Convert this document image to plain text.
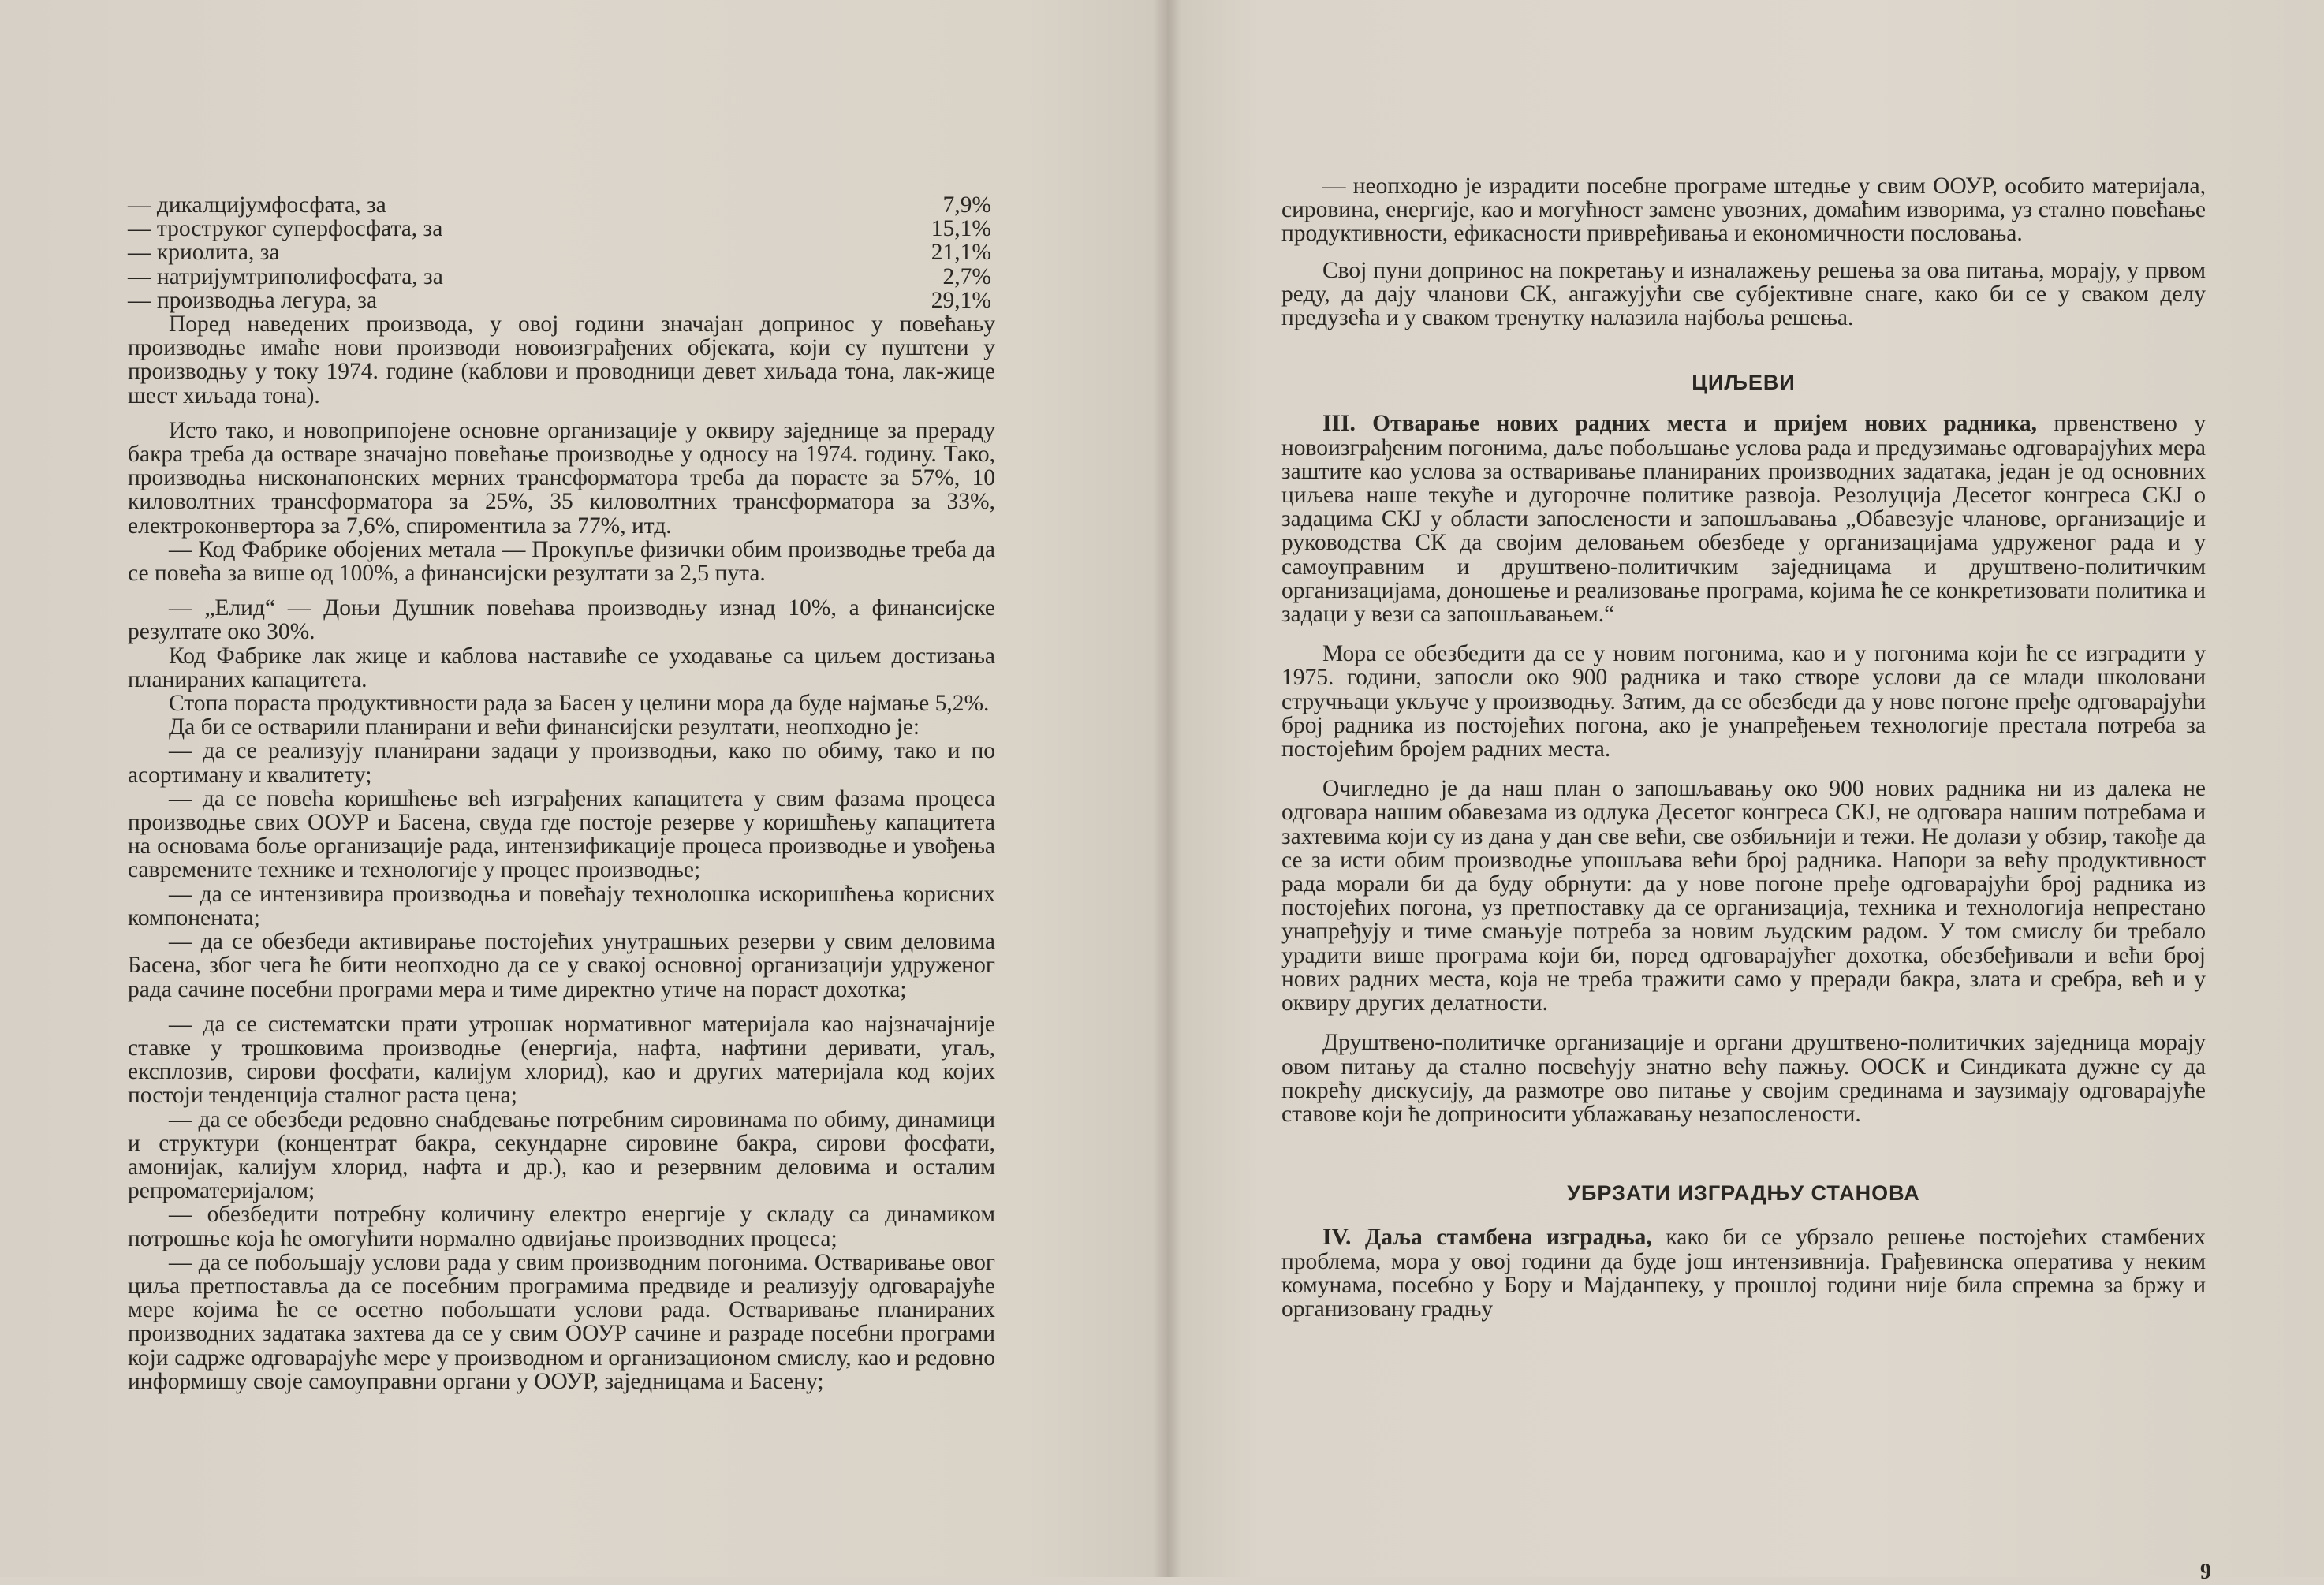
— дикалцијумфосфата, за	7,9%
— троструког суперфосфата, за	15,1%
— криолита, за	21,1%
— натријумтриполифосфата, за	2,7%
— производња легура, за	29,1%

Поред наведених производа, у овој години значајан допринос у повећању производње имаће нови производи новоизграђених објеката, који су пуштени у производњу у току 1974. године (каблови и проводници девет хиљада тона, лак-жице шест хиљада тона).

Исто тако, и новоприпојене основне организације у оквиру заједнице за прераду бакра треба да остваре значајно повећање производње у односу на 1974. годину. Тако, производња нисконапонских мерних трансформатора треба да порасте за 57%, 10 киловолтних трансформатора за 25%, 35 киловолтних трансформатора за 33%, електроконвертора за 7,6%, спироментила за 77%, итд.

— Код Фабрике обојених метала — Прокупље физички обим производње треба да се повећа за више од 100%, а финансијски резултати за 2,5 пута.

— „Елид“ — Доњи Душник повећава производњу изнад 10%, а финансијске резултате око 30%.

Код Фабрике лак жице и каблова наставиће се уходавање са циљем достизања планираних капацитета.

Стопа пораста продуктивности рада за Басен у целини мора да буде најмање 5,2%.

Да би се остварили планирани и већи финансијски резултати, неопходно је:

— да се реализују планирани задаци у производњи, како по обиму, тако и по асортиману и квалитету;

— да се повећа коришћење већ изграђених капацитета у свим фазама процеса производње свих ООУР и Басена, свуда где постоје резерве у коришћењу капацитета на основама боље организације рада, интензификације процеса производње и увођења савремените технике и технологије у процес производње;

— да се интензивира производња и повећају технолошка искоришћења корисних компонената;

— да се обезбеди активирање постојећих унутрашњих резерви у свим деловима Басена, због чега ће бити неопходно да се у свакој основној организацији удруженог рада сачине посебни програми мера и тиме директно утиче на пораст дохотка;

— да се систематски прати утрошак нормативног материјала као најзначајније ставке у трошковима производње (енергија, нафта, нафтини деривати, угаљ, експлозив, сирови фосфати, калијум хлорид), као и других материјала код којих постоји тенденција сталног раста цена;

— да се обезбеди редовно снабдевање потребним сировинама по обиму, динамици и структури (концентрат бакра, секундарне сировине бакра, сирови фосфати, амонијак, калијум хлорид, нафта и др.), као и резервним деловима и осталим репроматеријалом;

— обезбедити потребну количину електро енергије у складу са динамиком потрошње која ће омогућити нормално одвијање производних процеса;

— да се побољшају услови рада у свим производним погонима. Остваривање овог циља претпоставља да се посебним програмима предвиде и реализују одговарајуће мере којима ће се осетно побољшати услови рада. Остваривање планираних производних задатака захтева да се у свим ООУР сачине и разраде посебни програми који садрже одговарајуће мере у производном и организационом смислу, као и редовно информишу своје самоуправни органи у ООУР, заједницама и Басену;

— неопходно је израдити посебне програме штедње у свим ООУР, особито материјала, сировина, енергије, као и могућност замене увозних, домаћим изворима, уз стално повећање продуктивности, ефикасности привређивања и економичности пословања.

Свој пуни допринос на покретању и изналажењу решења за ова питања, морају, у првом реду, да дају чланови СК, ангажујући све субјективне снаге, како би се у сваком делу предузећа и у сваком тренутку налазила најбоља решења.

ЦИЉЕВИ

III. Отварање нових радних места и пријем нових радника, првенствено у новоизграђеним погонима, даље побољшање услова рада и предузимање одговарајућих мера заштите као услова за остваривање планираних производних задатака, један је од основних циљева наше текуће и дугорочне политике развоја. Резолуција Десетог конгреса СКЈ о задацима СКЈ у области запослености и запошљавања „Обавезује чланове, организације и руководства СК да својим деловањем обезбеде у организацијама удруженог рада и у самоуправним и друштвено-политичким заједницама и друштвено-политичким организацијама, доношење и реализовање програма, којима ће се конкретизовати политика и задаци у вези са запошљавањем.“

Мора се обезбедити да се у новим погонима, као и у погонима који ће се изградити у 1975. години, запосли око 900 радника и тако створе услови да се млади школовани стручњаци укључе у производњу. Затим, да се обезбеди да у нове погоне пређе одговарајући број радника из постојећих погона, ако је унапређењем технологије престала потреба за постојећим бројем радних места.

Очигледно је да наш план о запошљавању око 900 нових радника ни из далека не одговара нашим обавезама из одлука Десетог конгреса СКЈ, не одговара нашим потребама и захтевима који су из дана у дан све већи, све озбиљнији и тежи. Не долази у обзир, такође да се за исти обим производње упошљава већи број радника. Напори за већу продуктивност рада морали би да буду обрнути: да у нове погоне пређе одговарајући број радника из постојећих погона, уз претпоставку да се организација, техника и технологија непрестано унапређују и тиме смањује потреба за новим људским радом. У том смислу би требало урадити више програма који би, поред одговарајућег дохотка, обезбеђивали и већи број нових радних места, која не треба тражити само у преради бакра, злата и сребра, већ и у оквиру других делатности.

Друштвено-политичке организације и органи друштвено-политичких заједница морају овом питању да стално посвећују знатно већу пажњу. ООСК и Синдиката дужне су да покрећу дискусију, да размотре ово питање у својим срединама и заузимају одговарајуће ставове који ће доприносити ублажавању незапослености.

УБРЗАТИ ИЗГРАДЊУ СТАНОВА

IV. Даља стамбена изградња, како би се убрзало решење постојећих стамбених проблема, мора у овој години да буде још интензивнија. Грађевинска оператива у неким комунама, посебно у Бору и Мајданпеку, у прошлој години није била спремна за бржу и организовану градњу

9
